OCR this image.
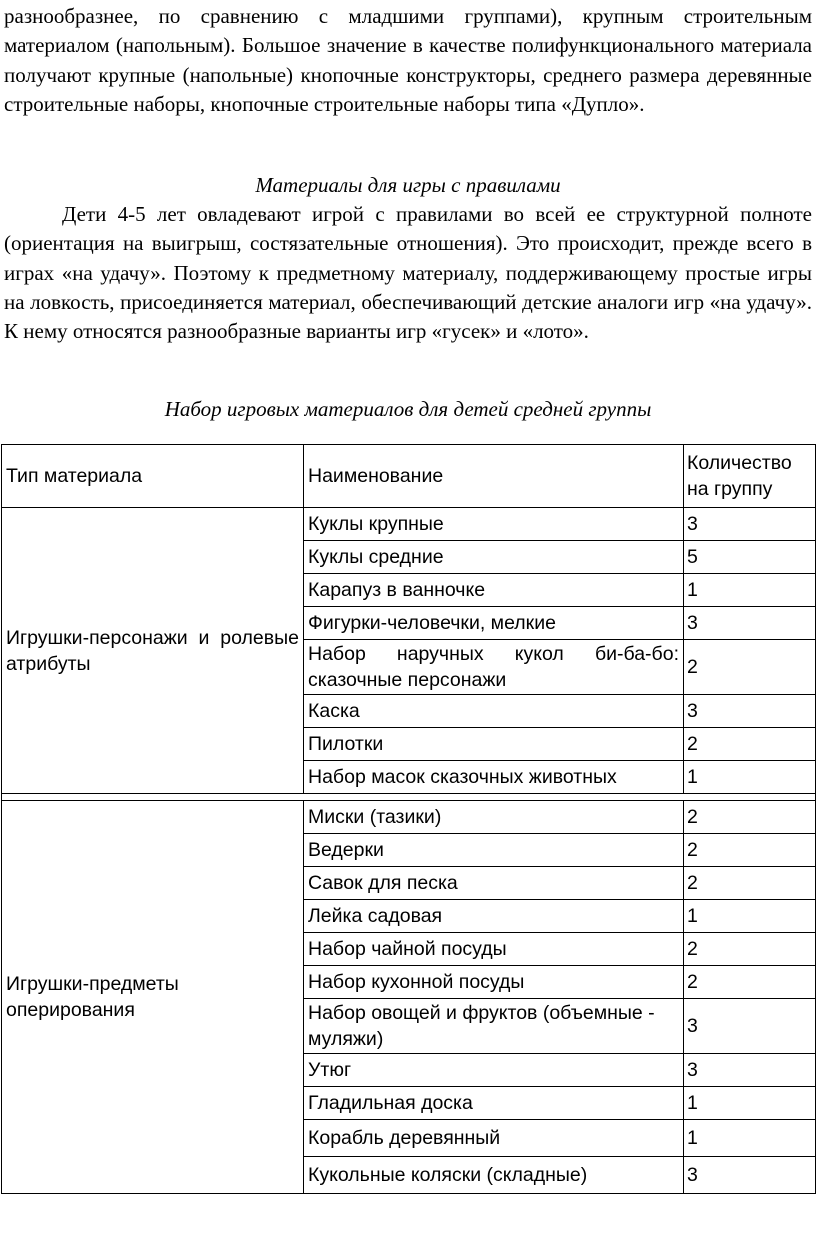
разнообразнее, по сравнению с младшими группами), крупным строительным материалом (напольным). Большое значение в качестве полифункционального материала получают крупные (напольные) кнопочные конструкторы, среднего размера деревянные строительные наборы, кнопочные строительные наборы типа «Дупло».

Материалы для игры с правилами

Дети 4-5 лет овладевают игрой с правилами во всей ее структурной полноте (ориентация на выигрыш, состязательные отношения). Это происходит, прежде всего в играх «на удачу». Поэтому к предметному материалу, поддерживающему простые игры на ловкость, присоединяется материал, обеспечивающий детские аналоги игр «на удачу». К нему относятся разнообразные варианты игр «гусек» и «лото».

Набор игровых материалов для детей средней группы

Тип материала	Наименование	Количество на группу
Игрушки-персонажи и ролевые атрибуты	Куклы крупные	3
	Куклы средние	5
	Карапуз в ванночке	1
	Фигурки-человечки, мелкие	3
	Набор наручных кукол би-ба-бо: сказочные персонажи	2
	Каска	3
	Пилотки	2
	Набор масок сказочных животных	1

Игрушки-предметы оперирования	Миски (тазики)	2
	Ведерки	2
	Савок для песка	2
	Лейка садовая	1
	Набор чайной посуды	2
	Набор кухонной посуды	2
	Набор овощей и фруктов (объемные - муляжи)	3
	Утюг	3
	Гладильная доска	1
	Корабль деревянный	1
	Кукольные коляски (складные)	3
